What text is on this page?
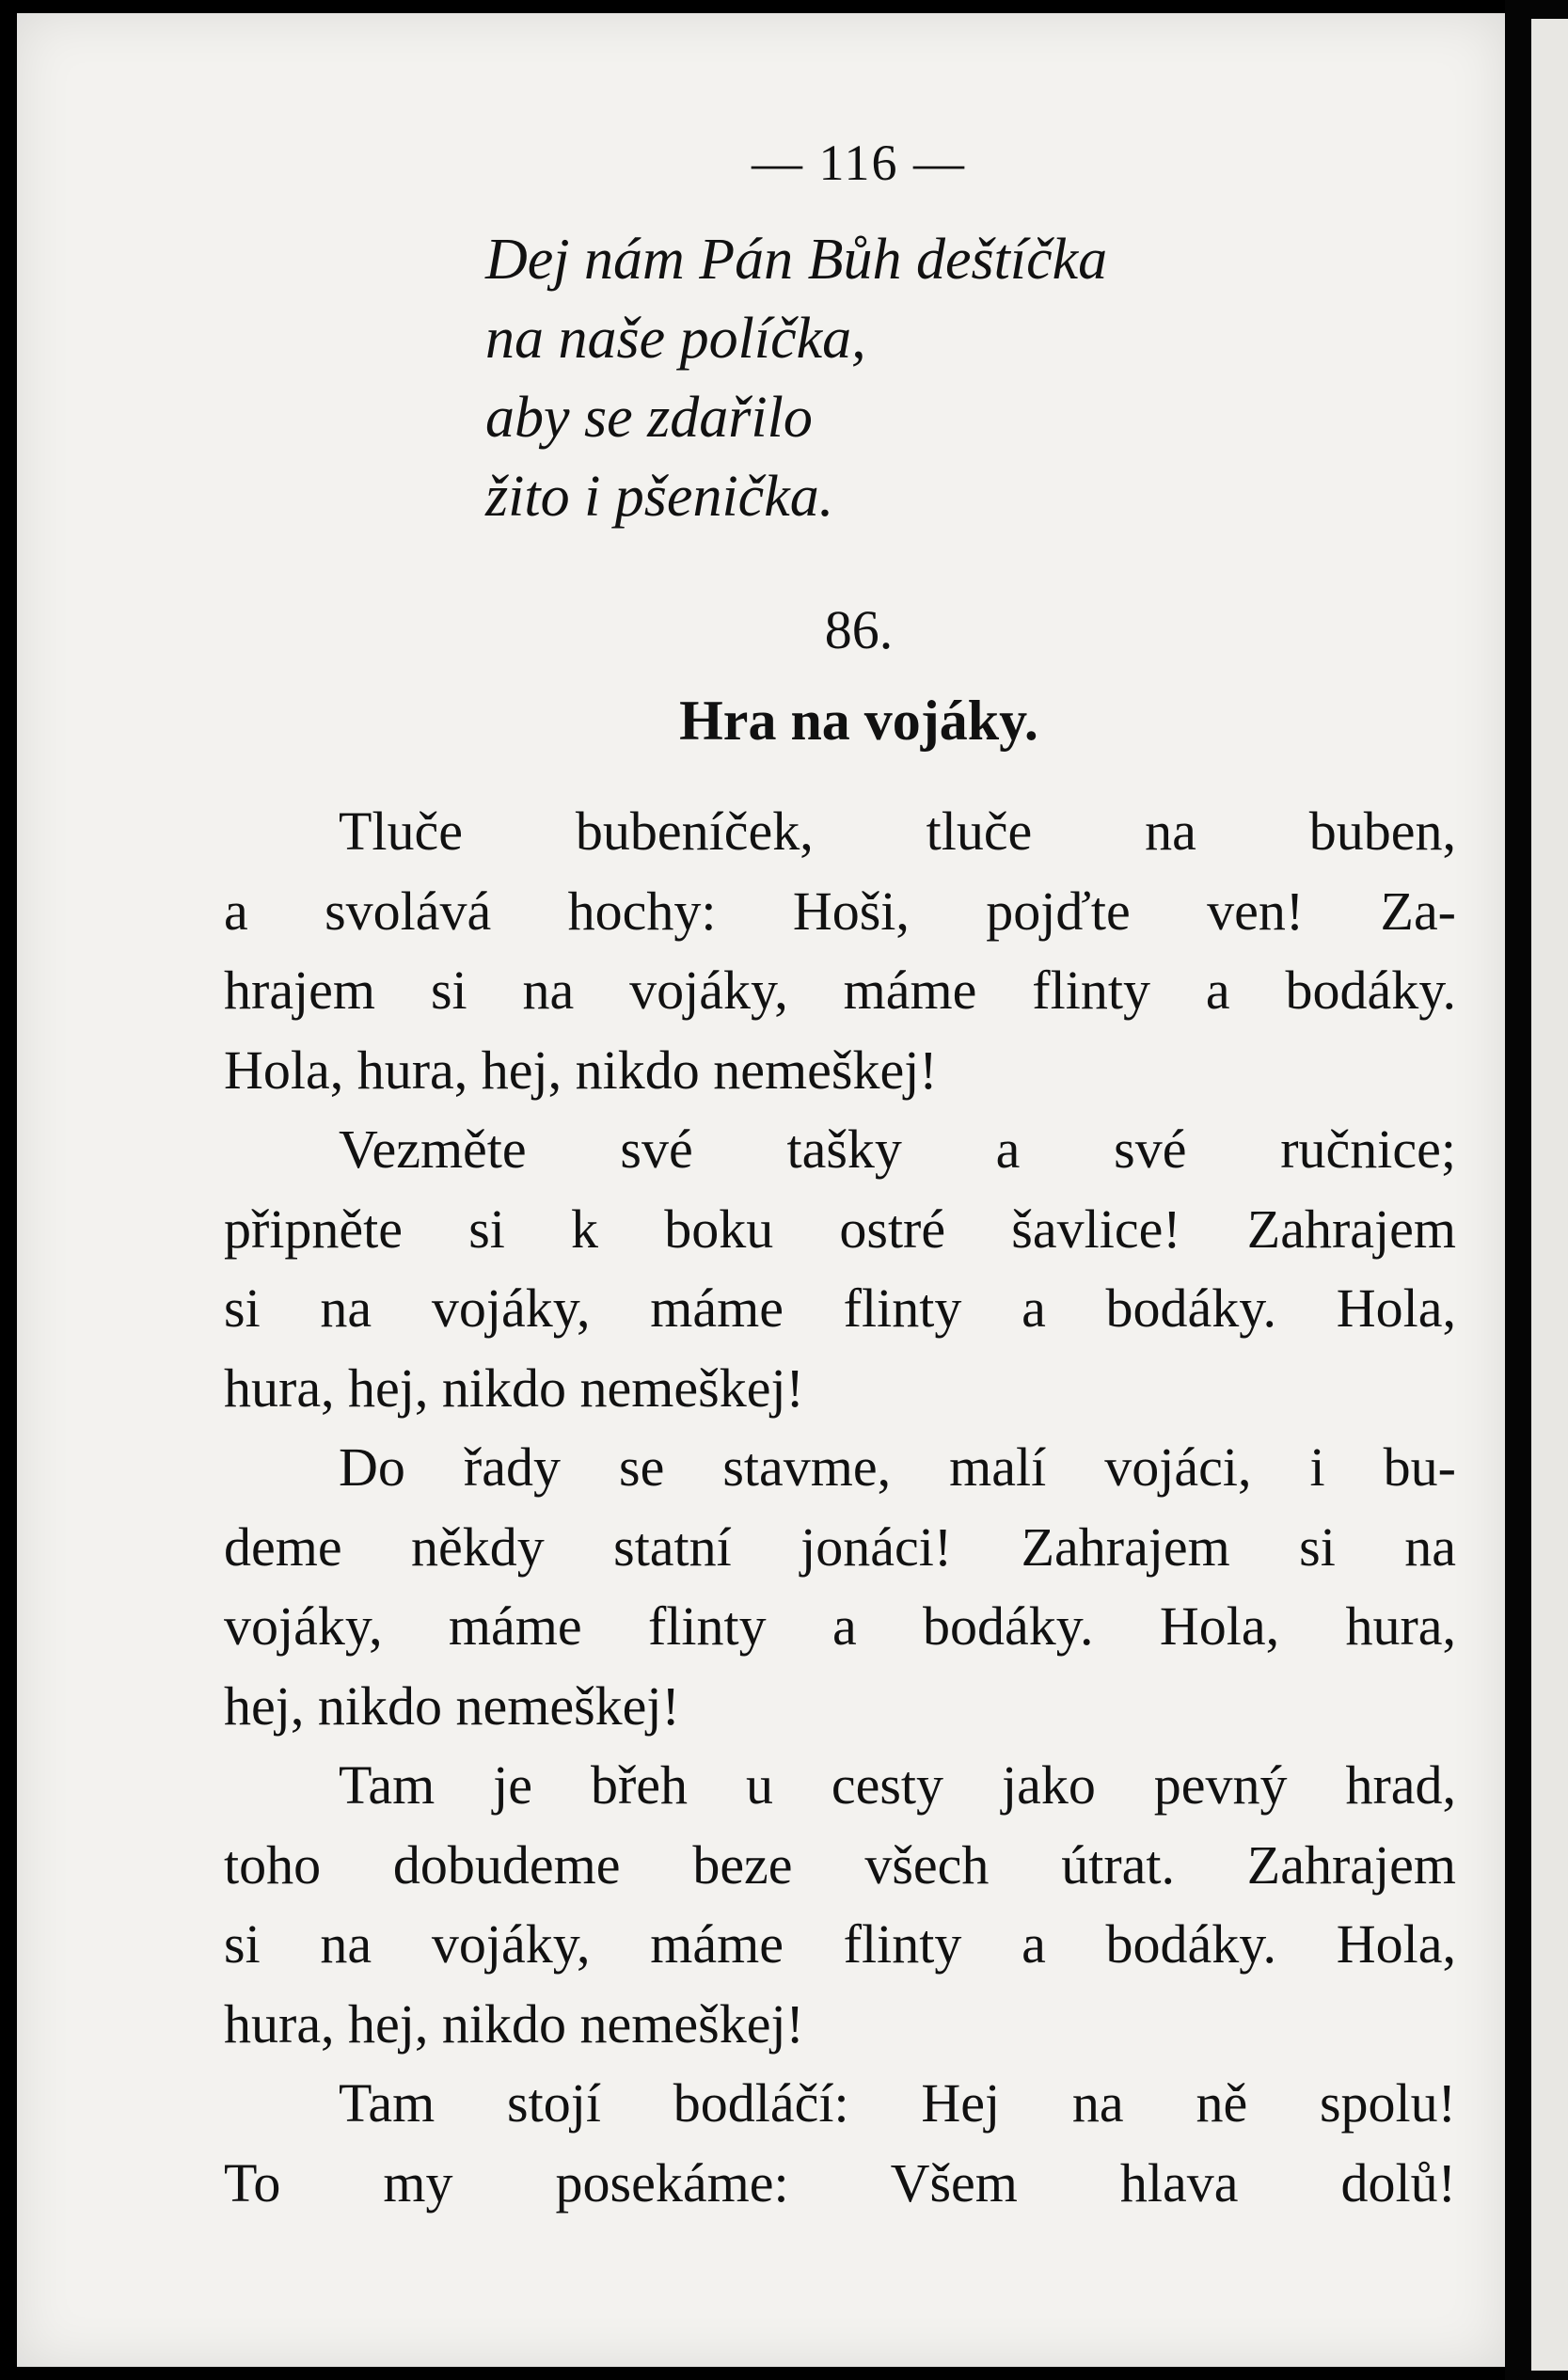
— 116 —
Dej nám Pán Bůh deštíčka
na naše políčka,
aby se zdařilo
žito i pšenička.
86.
Hra na vojáky.

Tluče bubeníček, tluče na buben,
a svolává hochy: Hoši, pojďte ven! Za-
hrajem si na vojáky, máme flinty a bodáky.
Hola, hura, hej, nikdo nemeškej!

Vezměte své tašky a své ručnice;
připněte si k boku ostré šavlice! Zahrajem
si na vojáky, máme flinty a bodáky. Hola,
hura, hej, nikdo nemeškej!

Do řady se stavme, malí vojáci, i bu-
deme někdy statní jonáci! Zahrajem si na
vojáky, máme flinty a bodáky. Hola, hura,
hej, nikdo nemeškej!

Tam je břeh u cesty jako pevný hrad,
toho dobudeme beze všech útrat. Zahrajem
si na vojáky, máme flinty a bodáky. Hola,
hura, hej, nikdo nemeškej!

Tam stojí bodláčí: Hej na ně spolu!
To my posekáme: Všem hlava dolů!
